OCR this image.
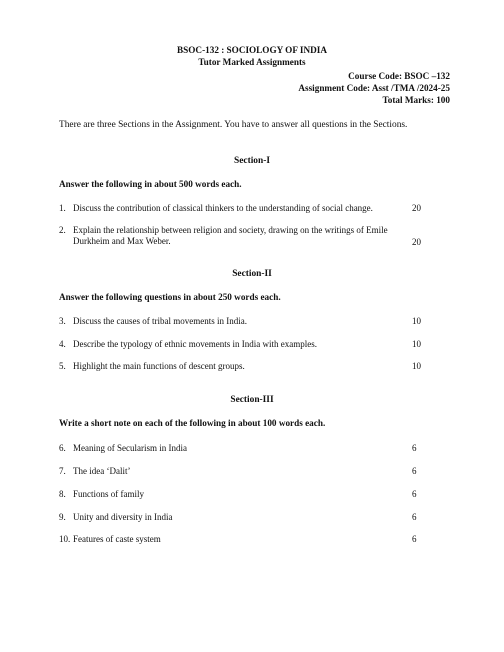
BSOC-132 : SOCIOLOGY OF INDIA
Tutor Marked Assignments
Course Code: BSOC –132
Assignment Code: Asst /TMA /2024-25
Total Marks: 100
There are three Sections in the Assignment. You have to answer all questions in the Sections.
Section-I
Answer the following in about 500 words each.
1. Discuss the contribution of classical thinkers to the understanding of social change.	20
2. Explain the relationship between religion and society, drawing on the writings of Emile Durkheim and Max Weber.	20
Section-II
Answer the following questions in about 250 words each.
3. Discuss the causes of tribal movements in India.	10
4. Describe the typology of ethnic movements in India with examples.	10
5. Highlight the main functions of descent groups.	10
Section-III
Write a short note on each of the following in about 100 words each.
6. Meaning of Secularism in India	6
7. The idea ‘Dalit’	6
8. Functions of family	6
9. Unity and diversity in India	6
10. Features of caste system	6
